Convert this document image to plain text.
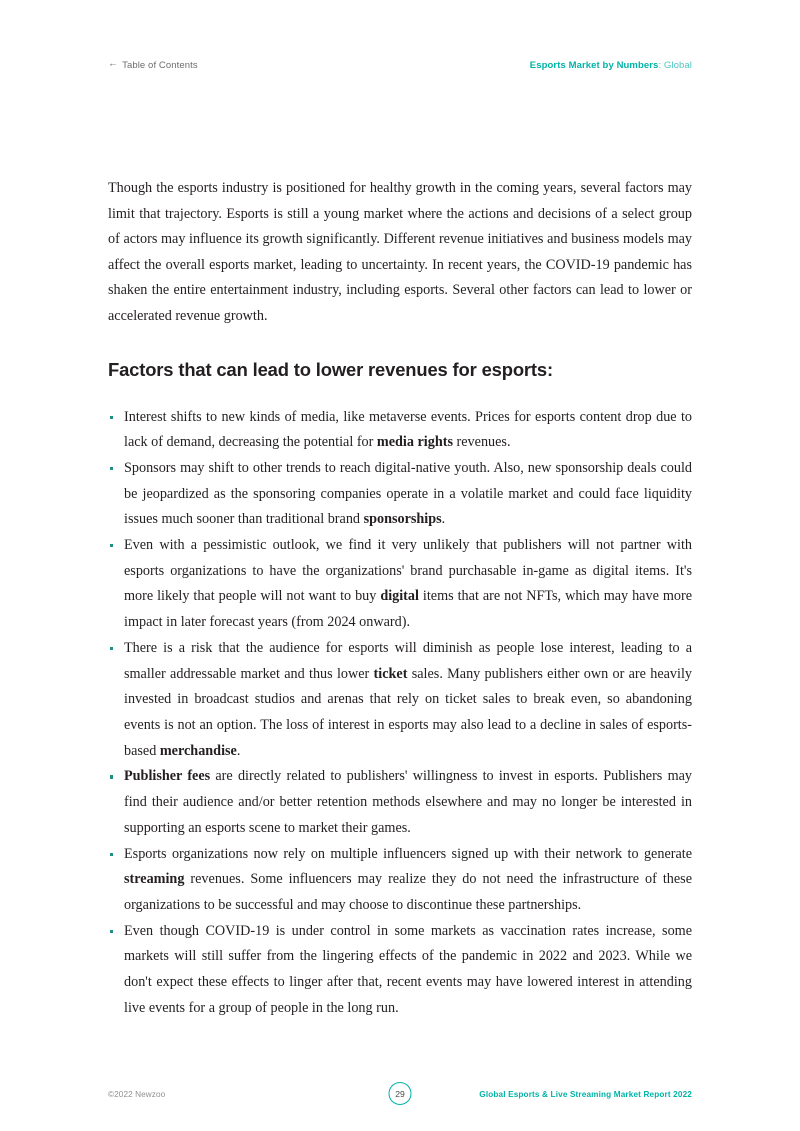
← Table of Contents	Esports Market by Numbers: Global

Though the esports industry is positioned for healthy growth in the coming years, several factors may limit that trajectory. Esports is still a young market where the actions and decisions of a select group of actors may influence its growth significantly. Different revenue initiatives and business models may affect the overall esports market, leading to uncertainty. In recent years, the COVID-19 pandemic has shaken the entire entertainment industry, including esports. Several other factors can lead to lower or accelerated revenue growth.

Factors that can lead to lower revenues for esports:
Interest shifts to new kinds of media, like metaverse events. Prices for esports content drop due to lack of demand, decreasing the potential for media rights revenues.
Sponsors may shift to other trends to reach digital-native youth. Also, new sponsorship deals could be jeopardized as the sponsoring companies operate in a volatile market and could face liquidity issues much sooner than traditional brand sponsorships.
Even with a pessimistic outlook, we find it very unlikely that publishers will not partner with esports organizations to have the organizations' brand purchasable in-game as digital items. It's more likely that people will not want to buy digital items that are not NFTs, which may have more impact in later forecast years (from 2024 onward).
There is a risk that the audience for esports will diminish as people lose interest, leading to a smaller addressable market and thus lower ticket sales. Many publishers either own or are heavily invested in broadcast studios and arenas that rely on ticket sales to break even, so abandoning events is not an option. The loss of interest in esports may also lead to a decline in sales of esports-based merchandise.
Publisher fees are directly related to publishers' willingness to invest in esports. Publishers may find their audience and/or better retention methods elsewhere and may no longer be interested in supporting an esports scene to market their games.
Esports organizations now rely on multiple influencers signed up with their network to generate streaming revenues. Some influencers may realize they do not need the infrastructure of these organizations to be successful and may choose to discontinue these partnerships.
Even though COVID-19 is under control in some markets as vaccination rates increase, some markets will still suffer from the lingering effects of the pandemic in 2022 and 2023. While we don't expect these effects to linger after that, recent events may have lowered interest in attending live events for a group of people in the long run.
©2022 Newzoo	29	Global Esports & Live Streaming Market Report 2022
